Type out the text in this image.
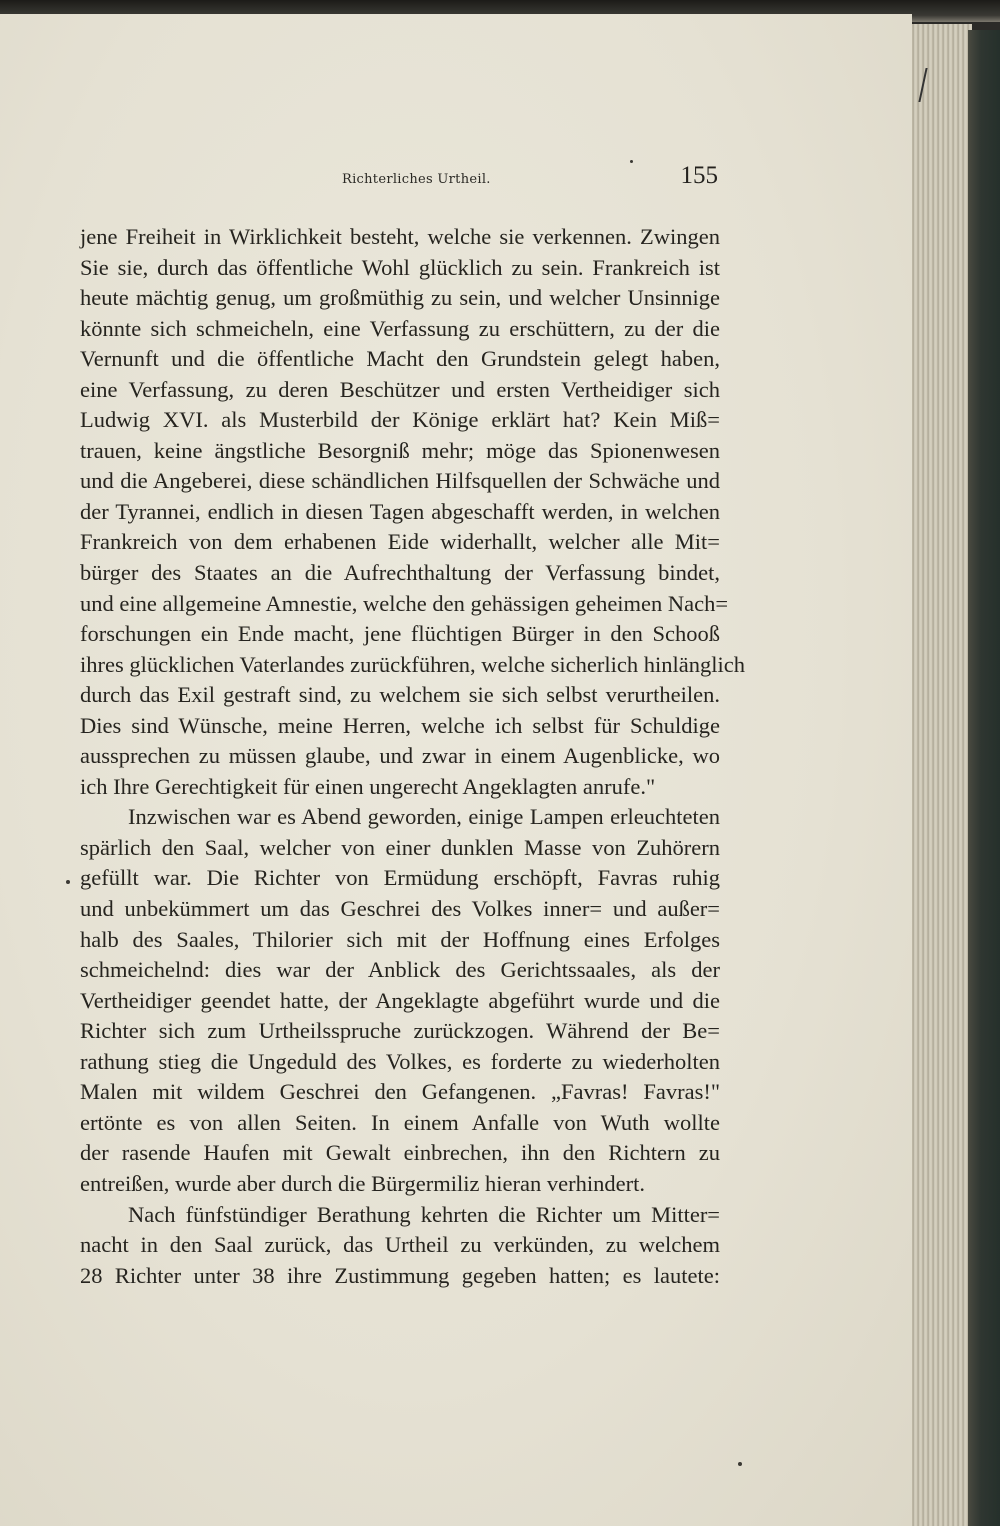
Richterliches Urtheil.	155
jene Freiheit in Wirklichkeit besteht, welche sie verkennen. Zwingen
Sie sie, durch das öffentliche Wohl glücklich zu sein. Frankreich ist
heute mächtig genug, um großmüthig zu sein, und welcher Unsinnige
könnte sich schmeicheln, eine Verfassung zu erschüttern, zu der die
Vernunft und die öffentliche Macht den Grundstein gelegt haben,
eine Verfassung, zu deren Beschützer und ersten Vertheidiger sich
Ludwig XVI. als Musterbild der Könige erklärt hat? Kein Miß=
trauen, keine ängstliche Besorgniß mehr; möge das Spionenwesen
und die Angeberei, diese schändlichen Hilfsquellen der Schwäche und
der Tyrannei, endlich in diesen Tagen abgeschafft werden, in welchen
Frankreich von dem erhabenen Eide widerhallt, welcher alle Mit=
bürger des Staates an die Aufrechthaltung der Verfassung bindet,
und eine allgemeine Amnestie, welche den gehässigen geheimen Nach=
forschungen ein Ende macht, jene flüchtigen Bürger in den Schooß
ihres glücklichen Vaterlandes zurückführen, welche sicherlich hinlänglich
durch das Exil gestraft sind, zu welchem sie sich selbst verurtheilen.
Dies sind Wünsche, meine Herren, welche ich selbst für Schuldige
aussprechen zu müssen glaube, und zwar in einem Augenblicke, wo
ich Ihre Gerechtigkeit für einen ungerecht Angeklagten anrufe."
Inzwischen war es Abend geworden, einige Lampen erleuchteten
spärlich den Saal, welcher von einer dunklen Masse von Zuhörern
gefüllt war. Die Richter von Ermüdung erschöpft, Favras ruhig
und unbekümmert um das Geschrei des Volkes inner= und außer=
halb des Saales, Thilorier sich mit der Hoffnung eines Erfolges
schmeichelnd: dies war der Anblick des Gerichtssaales, als der
Vertheidiger geendet hatte, der Angeklagte abgeführt wurde und die
Richter sich zum Urtheilsspruche zurückzogen. Während der Be=
rathung stieg die Ungeduld des Volkes, es forderte zu wiederholten
Malen mit wildem Geschrei den Gefangenen. „Favras! Favras!"
ertönte es von allen Seiten. In einem Anfalle von Wuth wollte
der rasende Haufen mit Gewalt einbrechen, ihn den Richtern zu
entreißen, wurde aber durch die Bürgermiliz hieran verhindert.
Nach fünfstündiger Berathung kehrten die Richter um Mitter=
nacht in den Saal zurück, das Urtheil zu verkünden, zu welchem
28 Richter unter 38 ihre Zustimmung gegeben hatten; es lautete:
